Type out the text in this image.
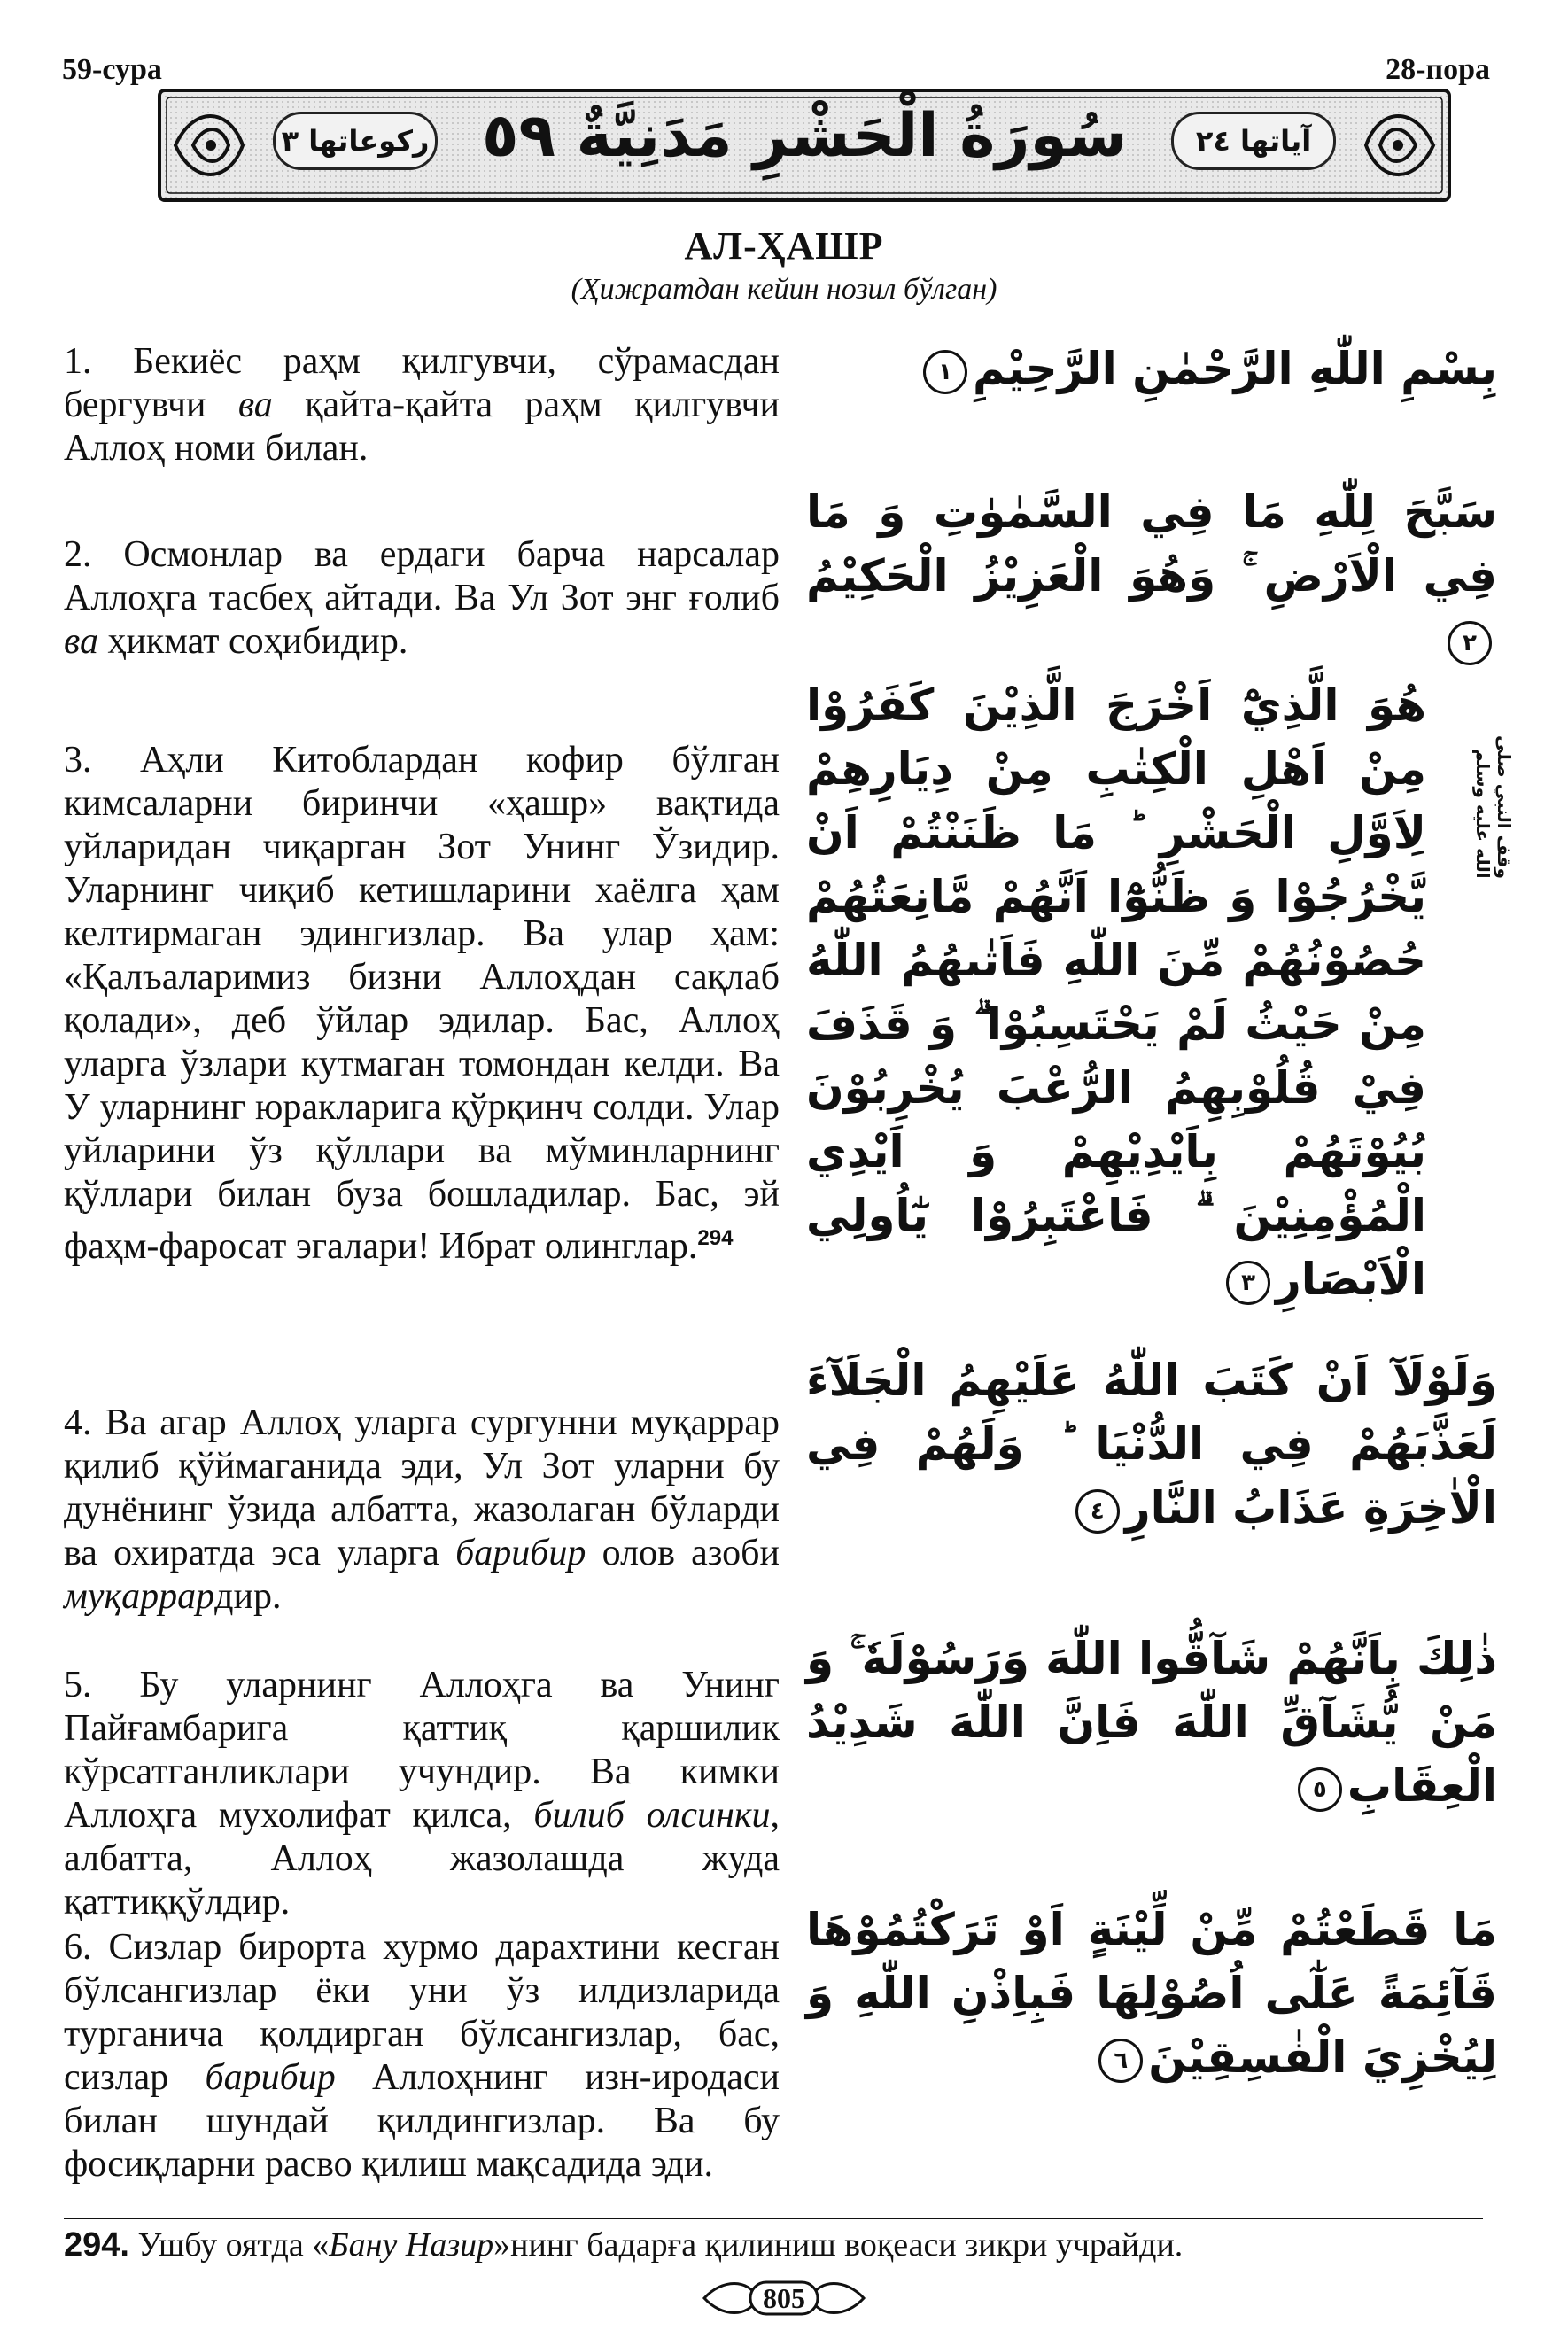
59-сура	28-пора
رکوعاتها ٣ سُورَةُ الْحَشْرِ مَدَنِيَّةٌ ٥٩	آیاتها ٢٤
АЛ-ҲАШР
(Ҳижратдан кейин нозил бўлган)

1. Бекиёс раҳм қилгувчи, сўрамасдан бергувчи ва қайта-қайта раҳм қилгувчи Аллоҳ номи билан.

2. Осмонлар ва ердаги барча нарсалар Аллоҳга тасбеҳ айтади. Ва Ул Зот энг ғолиб ва ҳикмат соҳибидир.

3. Аҳли Китоблардан кофир бўлган кимсаларни биринчи «ҳашр» вақтида уйларидан чиқарган Зот Унинг Ўзидир. Уларнинг чиқиб кетишларини хаёлга ҳам келтирмаган эдингизлар. Ва улар ҳам: «Қалъаларимиз бизни Аллоҳдан сақлаб қолади», деб ўйлар эдилар. Бас, Аллоҳ уларга ўзлари кутмаган томондан келди. Ва У уларнинг юракларига қўрқинч солди. Улар уйларини ўз қўллари ва мўминларнинг қўллари билан буза бошладилар. Бас, эй фаҳм-фаросат эгалари! Ибрат олинглар.$^{294}$

4. Ва агар Аллоҳ уларга сургунни муқаррар қилиб қўймаганида эди, Ул Зот уларни бу дунёнинг ўзида албатта, жазолаган бўларди ва охиратда эса уларга барибир олов азоби муқаррардир.

5. Бу уларнинг Аллоҳга ва Унинг Пайғамбарига қаттиқ қаршилик кўрсатганликлари учундир. Ва кимки Аллоҳга мухолифат қилса, билиб олсинки, албатта, Аллоҳ жазолашда жуда қаттиққўлдир.

6. Сизлар бирорта хурмо дарахтини кесган бўлсангизлар ёки уни ўз илдизларида турганича қолдирган бўлсангизлар, бас, сизлар барибир Аллоҳнинг изн-иродаси билан шундай қилдингизлар. Ва бу фосиқларни расво қилиш мақсадида эди.

بِسْمِ اللّٰهِ الرَّحْمٰنِ الرَّحِيْمِ١
سَبَّحَ لِلّٰهِ مَا فِي السَّمٰوٰتِ وَ مَا فِي الْاَرْضِ ۚ وَهُوَ الْعَزِيْزُ الْحَكِيْمُ٢
هُوَ الَّذِيْٓ اَخْرَجَ الَّذِيْنَ كَفَرُوْا مِنْ اَهْلِ الْكِتٰبِ مِنْ دِيَارِهِمْ لِاَوَّلِ الْحَشْرِ ؕ مَا ظَنَنْتُمْ اَنْ يَّخْرُجُوْا وَ ظَنُّوْٓا اَنَّهُمْ مَّانِعَتُهُمْ حُصُوْنُهُمْ مِّنَ اللّٰهِ فَاَتٰىهُمُ اللّٰهُ مِنْ حَيْثُ لَمْ يَحْتَسِبُوْا ۗ وَ قَذَفَ فِيْ قُلُوْبِهِمُ الرُّعْبَ يُخْرِبُوْنَ بُيُوْتَهُمْ بِاَيْدِيْهِمْ وَ اَيْدِي الْمُؤْمِنِيْنَ ۗ فَاعْتَبِرُوْا يٰٓاُولِي الْاَبْصَارِ٣
وَلَوْلَآ اَنْ كَتَبَ اللّٰهُ عَلَيْهِمُ الْجَلَآءَ لَعَذَّبَهُمْ فِي الدُّنْيَا ؕ وَلَهُمْ فِي الْاٰخِرَةِ عَذَابُ النَّارِ٤
ذٰلِكَ بِاَنَّهُمْ شَآقُّوا اللّٰهَ وَرَسُوْلَهٗ ۚ وَ مَنْ يُّشَآقِّ اللّٰهَ فَاِنَّ اللّٰهَ شَدِيْدُ الْعِقَابِ٥
مَا قَطَعْتُمْ مِّنْ لِّيْنَةٍ اَوْ تَرَكْتُمُوْهَا قَآئِمَةً عَلٰٓى اُصُوْلِهَا فَبِاِذْنِ اللّٰهِ وَ لِيُخْزِيَ الْفٰسِقِيْنَ٦
وقف النبي صلى الله عليه وسلم
294. Ушбу оятда «Бану Назир»нинг бадарға қилиниш воқеаси зикри учрайди.
805
